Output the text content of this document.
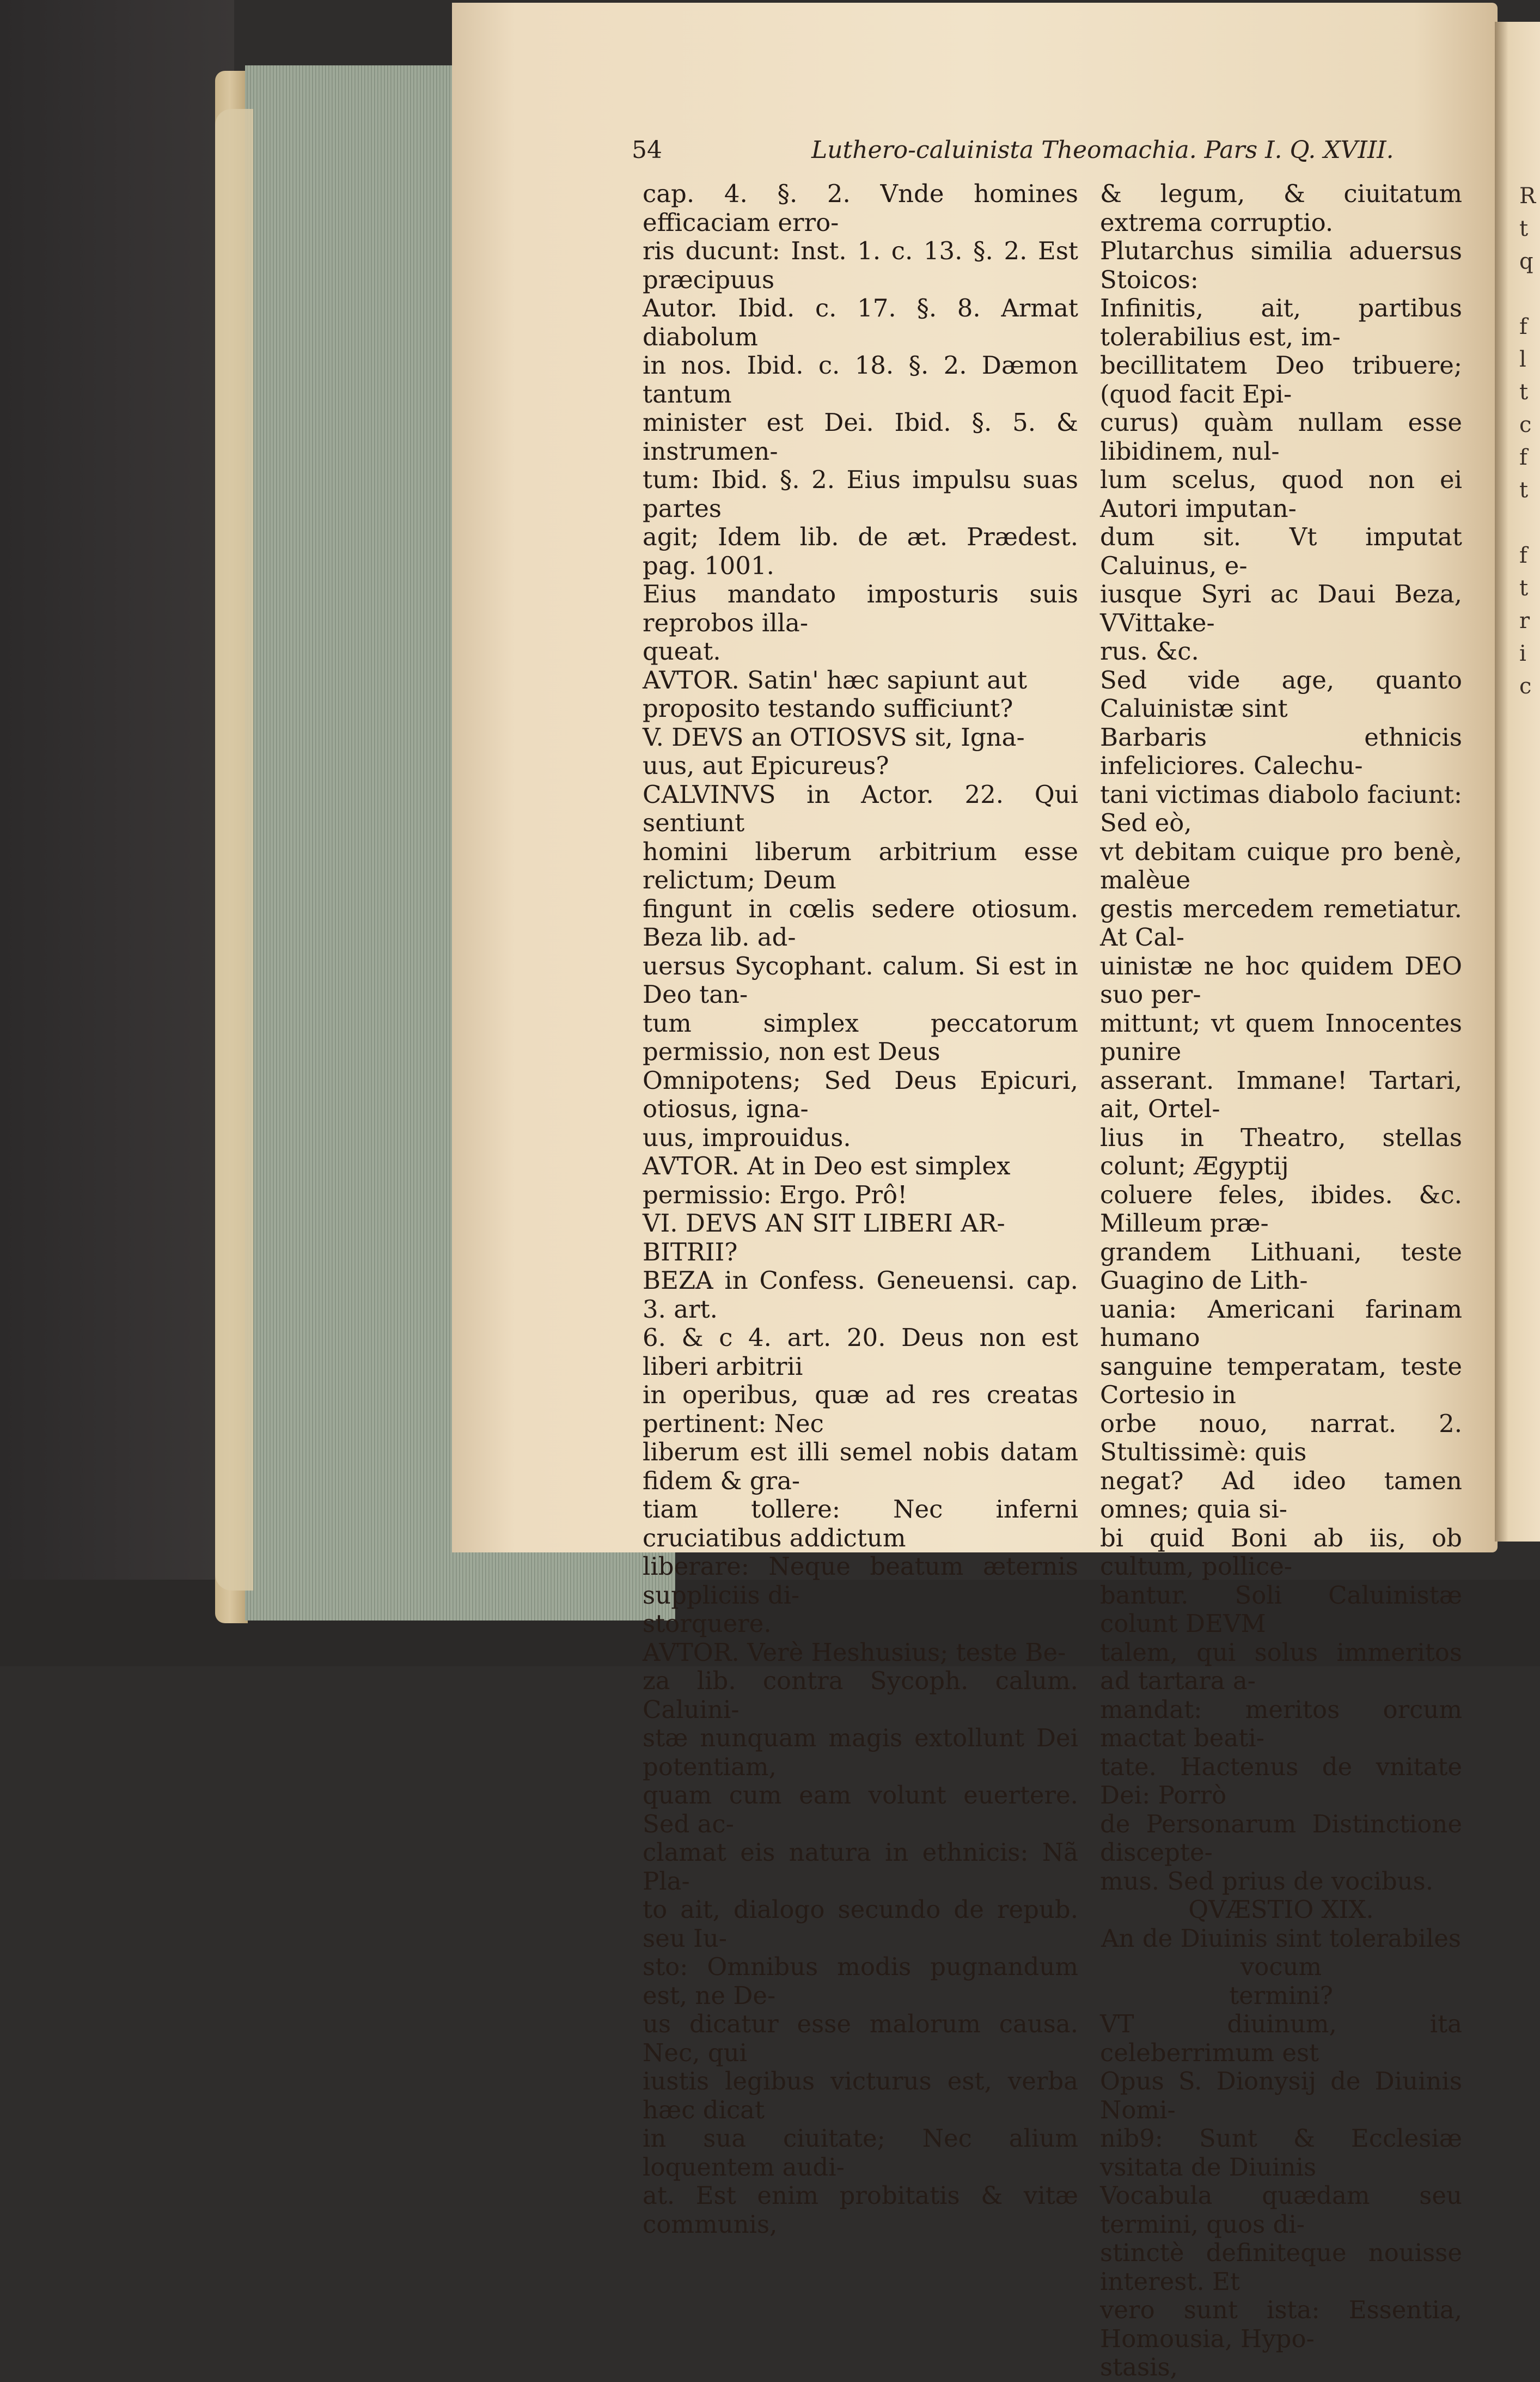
54	Luthero-caluinista Theomachia. Pars I. Q. XVIII.

cap. 4. §. 2. Vnde homines efficaciam erro-

ris ducunt: Inst. 1. c. 13. §. 2. Est præcipuus

Autor. Ibid. c. 17. §. 8. Armat diabolum

in nos. Ibid. c. 18. §. 2. Dæmon tantum

minister est Dei. Ibid. §. 5. & instrumen-

tum: Ibid. §. 2. Eius impulsu suas partes

agit; Idem lib. de æt. Prædest. pag. 1001.

Eius mandato imposturis suis reprobos illa-

queat.

AVTOR. Satin' hæc sapiunt aut

proposito testando sufficiunt?

V. DEVS an OTIOSVS sit, Igna-

uus, aut Epicureus?

CALVINVS in Actor. 22. Qui sentiunt

homini liberum arbitrium esse relictum; Deum

fingunt in cœlis sedere otiosum. Beza lib. ad-

uersus Sycophant. calum. Si est in Deo tan-

tum simplex peccatorum permissio, non est Deus

Omnipotens; Sed Deus Epicuri, otiosus, igna-

uus, improuidus.

AVTOR. At in Deo est simplex

permissio: Ergo. Prô!

VI. DEVS AN SIT LIBERI AR-

BITRII?

BEZA in Confess. Geneuensi. cap. 3. art.

6. & c 4. art. 20. Deus non est liberi arbitrii

in operibus, quæ ad res creatas pertinent: Nec

liberum est illi semel nobis datam fidem & gra-

tiam tollere: Nec inferni cruciatibus addictum

liberare: Neque beatum æternis suppliciis di-

storquere.

AVTOR. Verè Heshusius; teste Be-

za lib. contra Sycoph. calum. Caluini-

stæ nunquam magis extollunt Dei potentiam,

quam cum eam volunt euertere. Sed ac-

clamat eis natura in ethnicis: Nã Pla-

to ait, dialogo secundo de repub. seu Iu-

sto: Omnibus modis pugnandum est, ne De-

us dicatur esse malorum causa. Nec, qui

iustis legibus victurus est, verba hæc dicat

in sua ciuitate; Nec alium loquentem audi-

at. Est enim probitatis & vitæ communis,

& legum, & ciuitatum extrema corruptio.

Plutarchus similia aduersus Stoicos:

Infinitis, ait, partibus tolerabilius est, im-

becillitatem Deo tribuere; (quod facit Epi-

curus) quàm nullam esse libidinem, nul-

lum scelus, quod non ei Autori imputan-

dum sit. Vt imputat Caluinus, e-

iusque Syri ac Daui Beza, VVittake-

rus. &c.

Sed vide age, quanto Caluinistæ sint

Barbaris ethnicis infeliciores. Calechu-

tani victimas diabolo faciunt: Sed eò,

vt debitam cuique pro benè, malèue

gestis mercedem remetiatur. At Cal-

uinistæ ne hoc quidem DEO suo per-

mittunt; vt quem Innocentes punire

asserant. Immane! Tartari, ait, Ortel-

lius in Theatro, stellas colunt; Ægyptij

coluere feles, ibides. &c. Milleum præ-

grandem Lithuani, teste Guagino de Lith-

uania: Americani farinam humano

sanguine temperatam, teste Cortesio in

orbe nouo, narrat. 2. Stultissimè: quis

negat? Ad ideo tamen omnes; quia si-

bi quid Boni ab iis, ob cultum, pollice-

bantur. Soli Caluinistæ colunt DEVM

talem, qui solus immeritos ad tartara a-

mandat: meritos orcum mactat beati-

tate. Hactenus de vnitate Dei: Porrò

de Personarum Distinctione discepte-

mus. Sed prius de vocibus.

QVÆSTIO XIX.

An de Diuinis sint tolerabiles vocum

termini?

VT diuinum, ita celeberrimum est

Opus S. Dionysij de Diuinis Nomi-

nib9: Sunt & Ecclesiæ vsitata de Diuinis

Vocabula quædam seu termini, quos di-

stinctè definiteque nouisse interest. Et

vero sunt ista: Essentia, Homousia, Hypo-

stasis,

R
t
q

f
l
t
c
f
t

f
t
r
i
c
